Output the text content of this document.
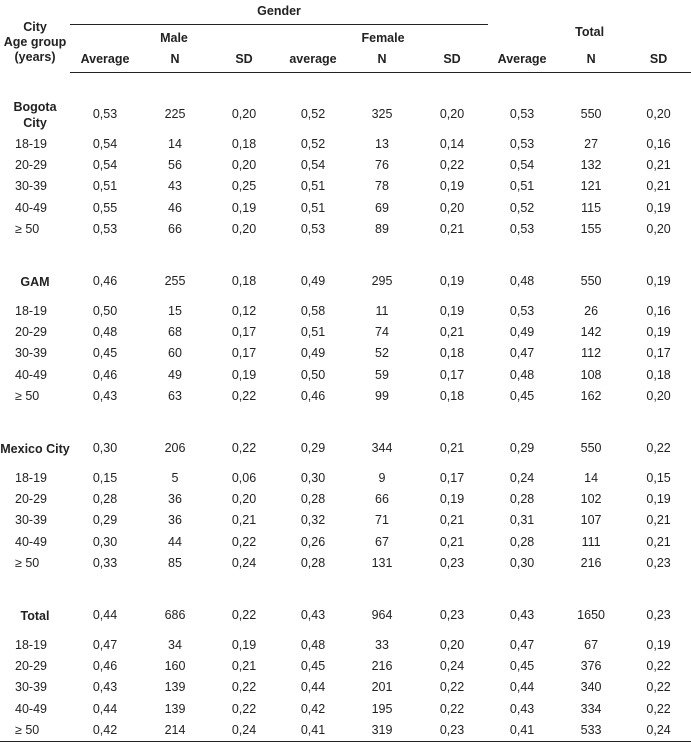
City
Age group
(years)	Gender						Total		
	Male			Female					
	Average	N	SD	average	N	SD	Average	N	SD

Bogota City	0,53	225	0,20	0,52	325	0,20	0,53	550	0,20
18-19	0,54	14	0,18	0,52	13	0,14	0,53	27	0,16
20-29	0,54	56	0,20	0,54	76	0,22	0,54	132	0,21
30-39	0,51	43	0,25	0,51	78	0,19	0,51	121	0,21
40-49	0,55	46	0,19	0,51	69	0,20	0,52	115	0,19
≥ 50	0,53	66	0,20	0,53	89	0,21	0,53	155	0,20

GAM	0,46	255	0,18	0,49	295	0,19	0,48	550	0,19
18-19	0,50	15	0,12	0,58	11	0,19	0,53	26	0,16
20-29	0,48	68	0,17	0,51	74	0,21	0,49	142	0,19
30-39	0,45	60	0,17	0,49	52	0,18	0,47	112	0,17
40-49	0,46	49	0,19	0,50	59	0,17	0,48	108	0,18
≥ 50	0,43	63	0,22	0,46	99	0,18	0,45	162	0,20

Mexico City	0,30	206	0,22	0,29	344	0,21	0,29	550	0,22
18-19	0,15	5	0,06	0,30	9	0,17	0,24	14	0,15
20-29	0,28	36	0,20	0,28	66	0,19	0,28	102	0,19
30-39	0,29	36	0,21	0,32	71	0,21	0,31	107	0,21
40-49	0,30	44	0,22	0,26	67	0,21	0,28	111	0,21
≥ 50	0,33	85	0,24	0,28	131	0,23	0,30	216	0,23

Total	0,44	686	0,22	0,43	964	0,23	0,43	1650	0,23
18-19	0,47	34	0,19	0,48	33	0,20	0,47	67	0,19
20-29	0,46	160	0,21	0,45	216	0,24	0,45	376	0,22
30-39	0,43	139	0,22	0,44	201	0,22	0,44	340	0,22
40-49	0,44	139	0,22	0,42	195	0,22	0,43	334	0,22
≥ 50	0,42	214	0,24	0,41	319	0,23	0,41	533	0,24
